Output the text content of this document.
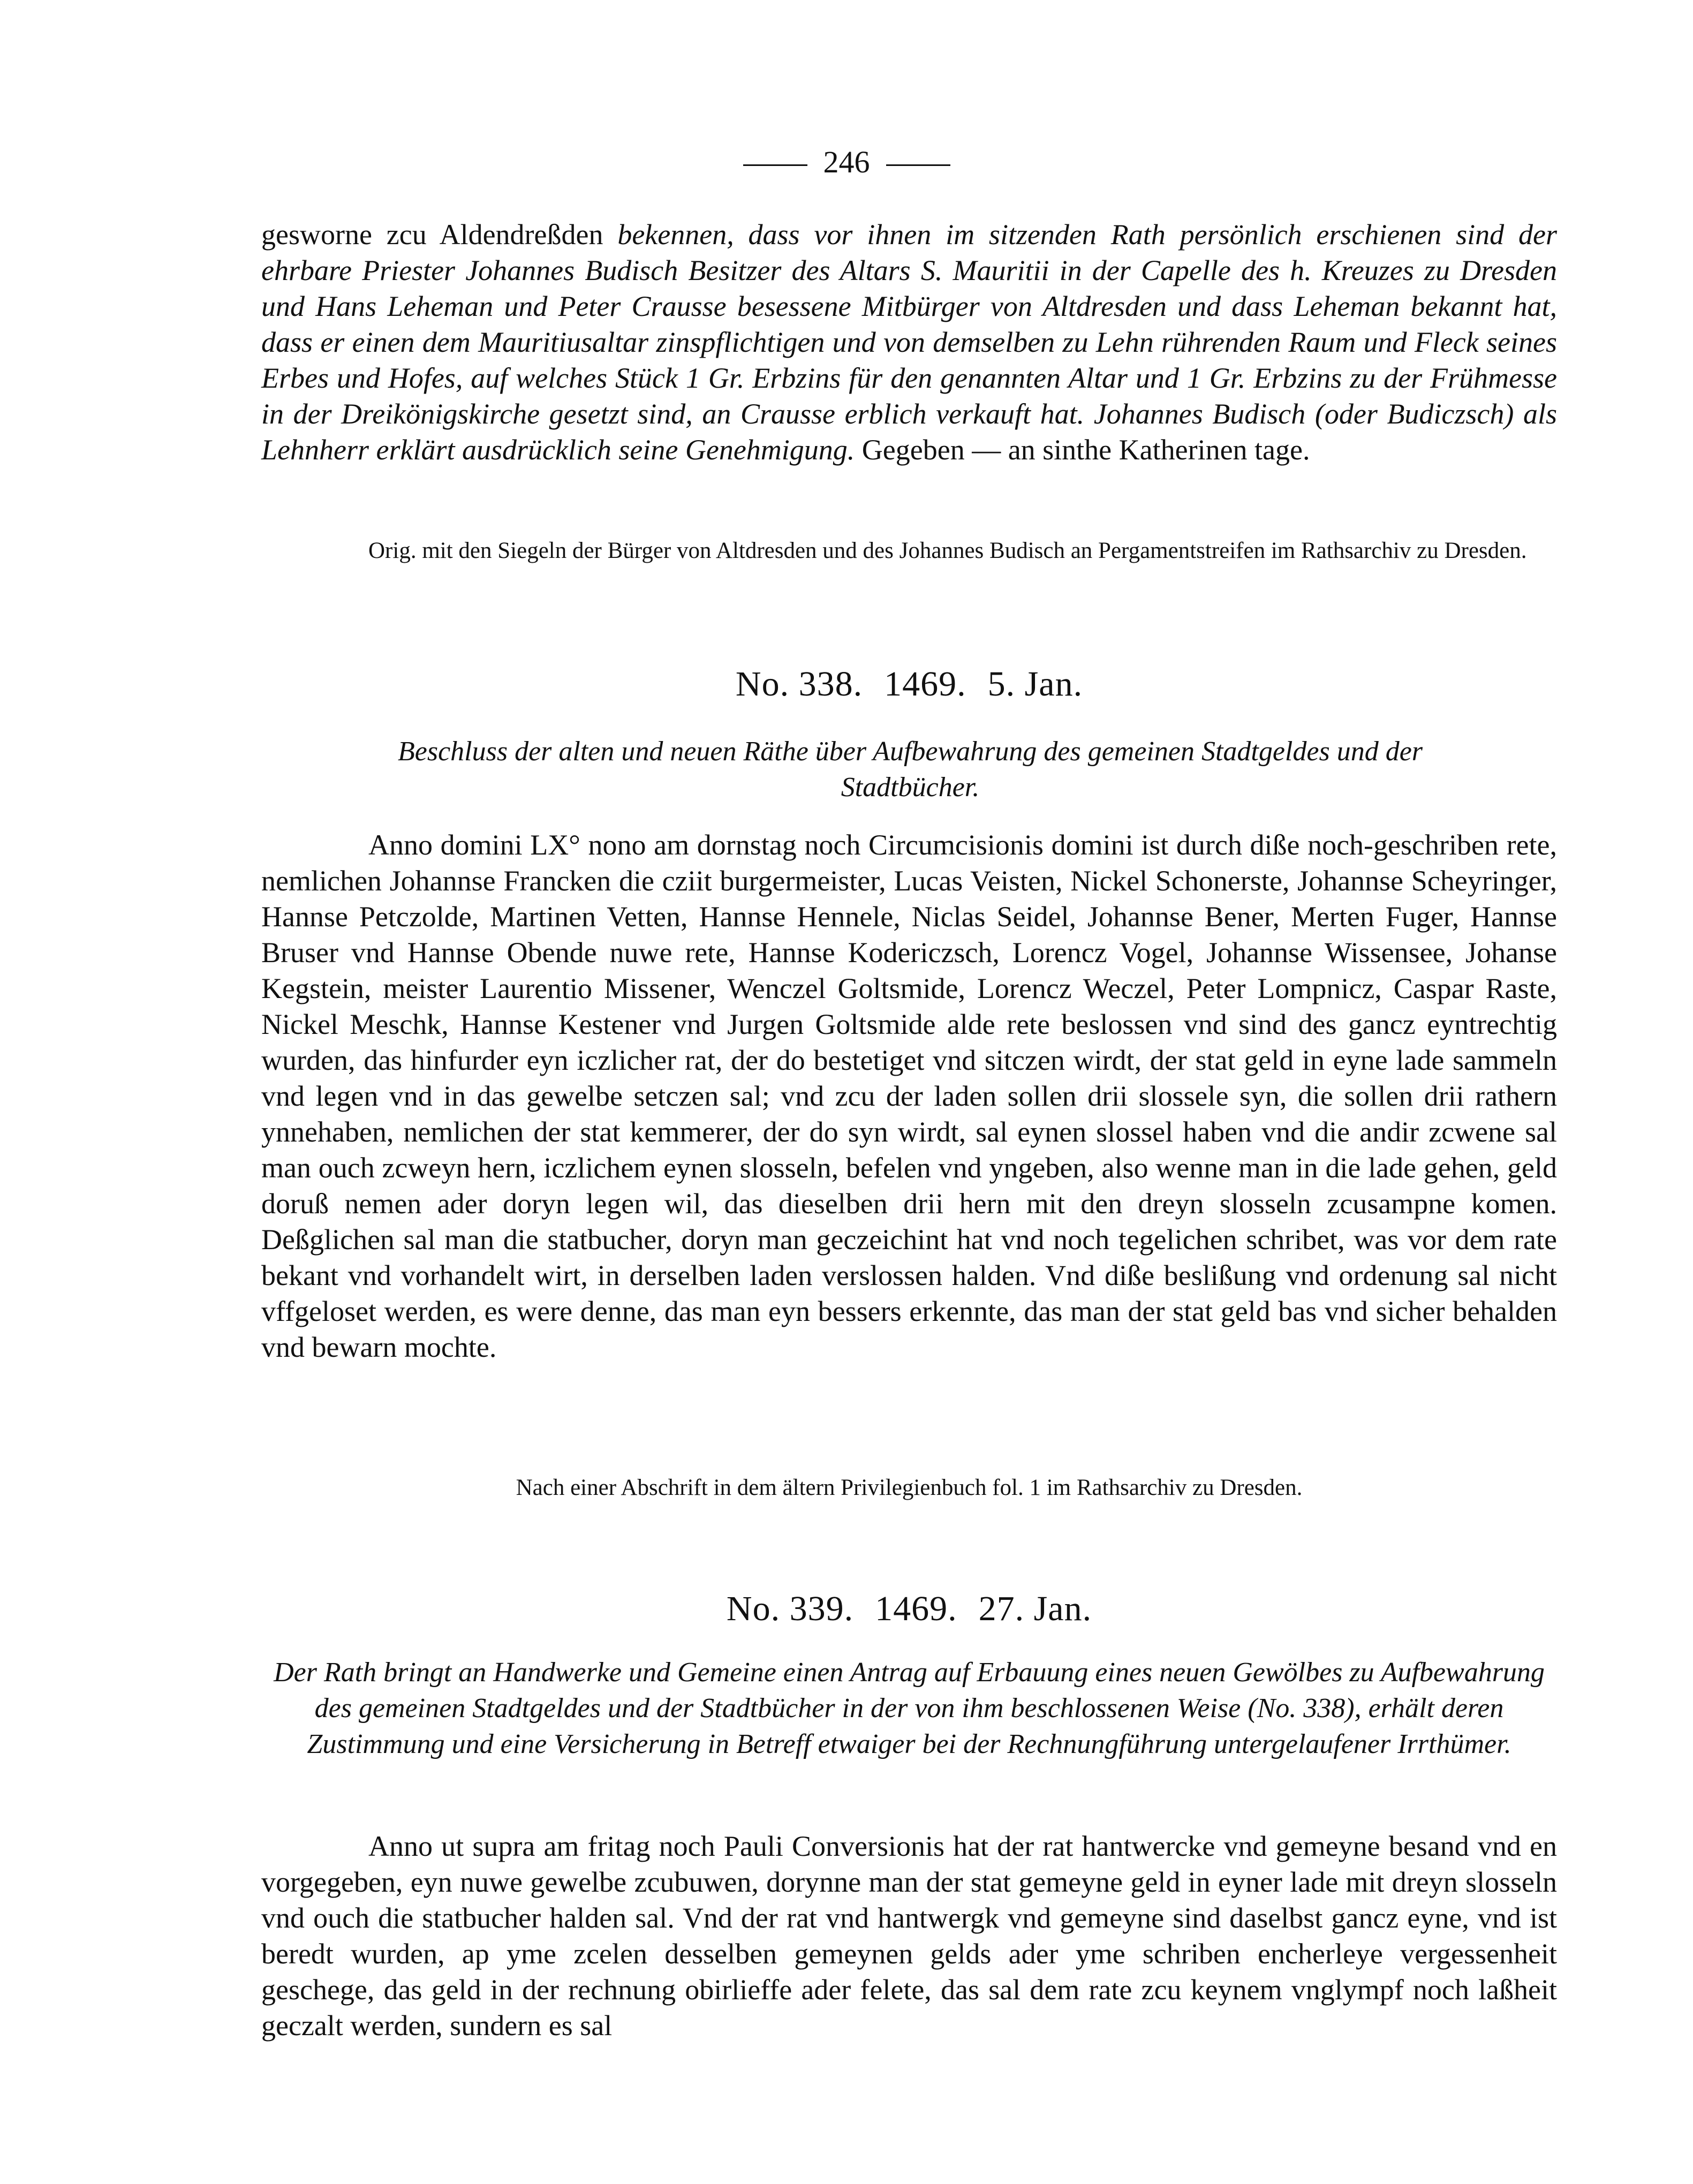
246

gesworne zcu Aldendreßden bekennen, dass vor ihnen im sitzenden Rath persönlich erschienen sind der ehrbare Priester Johannes Budisch Besitzer des Altars S. Mauritii in der Capelle des h. Kreuzes zu Dresden und Hans Leheman und Peter Crausse besessene Mitbürger von Altdresden und dass Leheman bekannt hat, dass er einen dem Mauritiusaltar zinspflichtigen und von demselben zu Lehn rührenden Raum und Fleck seines Erbes und Hofes, auf welches Stück 1 Gr. Erbzins für den genannten Altar und 1 Gr. Erbzins zu der Frühmesse in der Dreikönigskirche gesetzt sind, an Crausse erblich verkauft hat. Johannes Budisch (oder Budiczsch) als Lehnherr erklärt ausdrücklich seine Genehmigung. Gegeben — an sinthe Katherinen tage.

Orig. mit den Siegeln der Bürger von Altdresden und des Johannes Budisch an Pergamentstreifen im Rathsarchiv zu Dresden.

No. 338. 1469. 5. Jan.

Beschluss der alten und neuen Räthe über Aufbewahrung des gemeinen Stadtgeldes und der Stadtbücher.

Anno domini LX° nono am dornstag noch Circumcisionis domini ist durch diße noch-geschriben rete, nemlichen Johannse Francken die cziit burgermeister, Lucas Veisten, Nickel Schonerste, Johannse Scheyringer, Hannse Petczolde, Martinen Vetten, Hannse Hennele, Niclas Seidel, Johannse Bener, Merten Fuger, Hannse Bruser vnd Hannse Obende nuwe rete, Hannse Kodericzsch, Lorencz Vogel, Johannse Wissensee, Johanse Kegstein, meister Laurentio Missener, Wenczel Goltsmide, Lorencz Weczel, Peter Lompnicz, Caspar Raste, Nickel Meschk, Hannse Kestener vnd Jurgen Goltsmide alde rete beslossen vnd sind des gancz eyntrechtig wurden, das hinfurder eyn iczlicher rat, der do bestetiget vnd sitczen wirdt, der stat geld in eyne lade sammeln vnd legen vnd in das gewelbe setczen sal; vnd zcu der laden sollen drii slossele syn, die sollen drii rathern ynnehaben, nemlichen der stat kemmerer, der do syn wirdt, sal eynen slossel haben vnd die andir zcwene sal man ouch zcweyn hern, iczlichem eynen slosseln, befelen vnd yngeben, also wenne man in die lade gehen, geld doruß nemen ader doryn legen wil, das dieselben drii hern mit den dreyn slosseln zcusampne komen. Deßglichen sal man die statbucher, doryn man geczeichint hat vnd noch tegelichen schribet, was vor dem rate bekant vnd vorhandelt wirt, in derselben laden verslossen halden. Vnd diße beslißung vnd ordenung sal nicht vffgeloset werden, es were denne, das man eyn bessers erkennte, das man der stat geld bas vnd sicher behalden vnd bewarn mochte.

Nach einer Abschrift in dem ältern Privilegienbuch fol. 1 im Rathsarchiv zu Dresden.

No. 339. 1469. 27. Jan.

Der Rath bringt an Handwerke und Gemeine einen Antrag auf Erbauung eines neuen Gewölbes zu Aufbewahrung des gemeinen Stadtgeldes und der Stadtbücher in der von ihm beschlossenen Weise (No. 338), erhält deren Zustimmung und eine Versicherung in Betreff etwaiger bei der Rechnungführung untergelaufener Irrthümer.

Anno ut supra am fritag noch Pauli Conversionis hat der rat hantwercke vnd gemeyne besand vnd en vorgegeben, eyn nuwe gewelbe zcubuwen, dorynne man der stat gemeyne geld in eyner lade mit dreyn slosseln vnd ouch die statbucher halden sal. Vnd der rat vnd hantwergk vnd gemeyne sind daselbst gancz eyne, vnd ist beredt wurden, ap yme zcelen desselben gemeynen gelds ader yme schriben encherleye vergessenheit geschege, das geld in der rechnung obirlieffe ader felete, das sal dem rate zcu keynem vnglympf noch laßheit geczalt werden, sundern es sal
